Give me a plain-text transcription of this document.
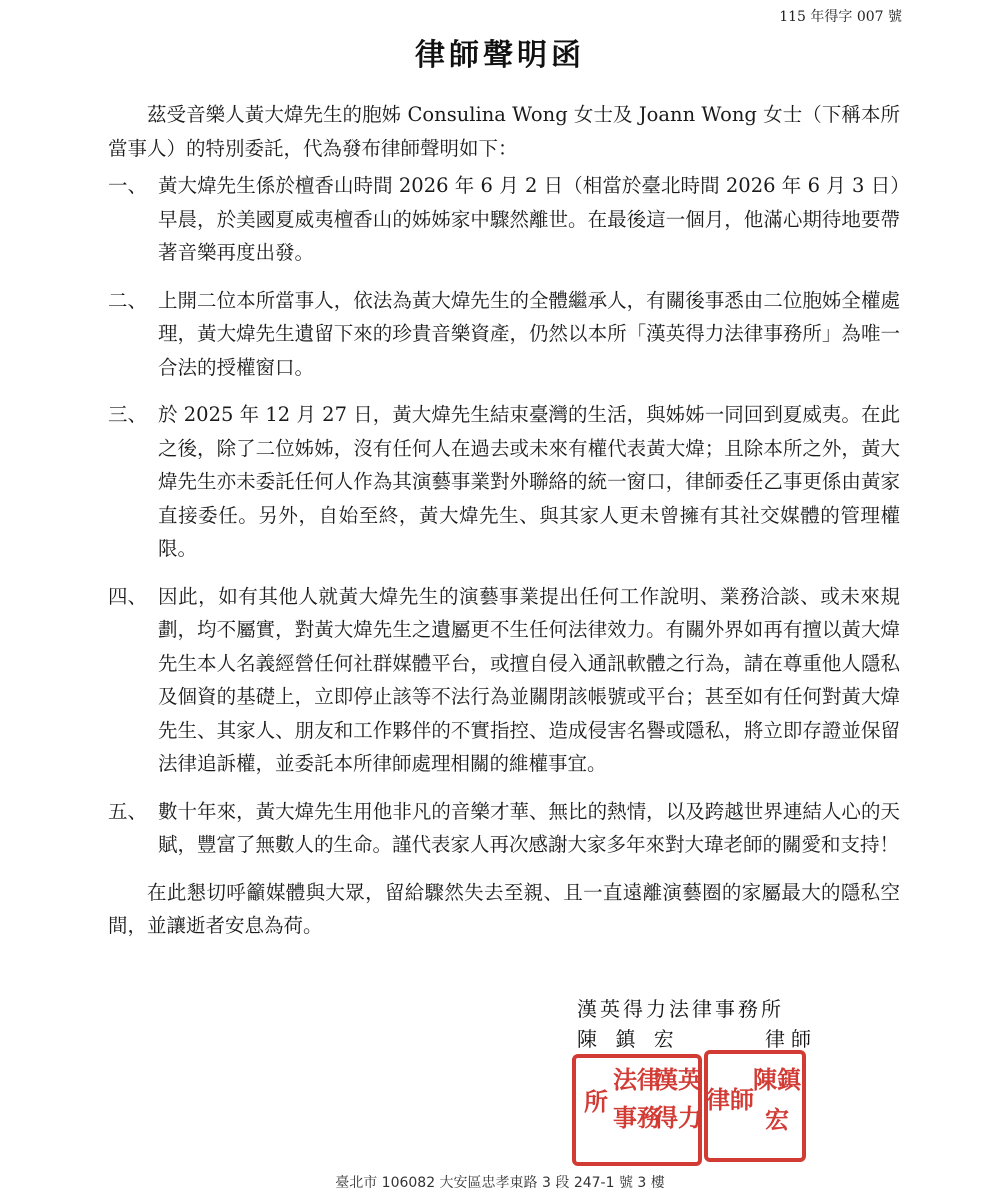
115 年得字 007 號
律師聲明函

茲受音樂人黃大煒先生的胞姊 Consulina Wong 女士及 Joann Wong 女士（下稱本所當事人）的特別委託，代為發布律師聲明如下：

一、 黃大煒先生係於檀香山時間 2026 年 6 月 2 日（相當於臺北時間 2026 年 6 月 3 日）早晨，於美國夏威夷檀香山的姊姊家中驟然離世。在最後這一個月，他滿心期待地要帶著音樂再度出發。
二、 上開二位本所當事人，依法為黃大煒先生的全體繼承人，有關後事悉由二位胞姊全權處理，黃大煒先生遺留下來的珍貴音樂資產，仍然以本所「漢英得力法律事務所」為唯一合法的授權窗口。
三、 於 2025 年 12 月 27 日，黃大煒先生結束臺灣的生活，與姊姊一同回到夏威夷。在此之後，除了二位姊姊，沒有任何人在過去或未來有權代表黃大煒；且除本所之外，黃大煒先生亦未委託任何人作為其演藝事業對外聯絡的統一窗口，律師委任乙事更係由黃家直接委任。另外，自始至終，黃大煒先生、與其家人更未曾擁有其社交媒體的管理權限。
四、 因此，如有其他人就黃大煒先生的演藝事業提出任何工作說明、業務洽談、或未來規劃，均不屬實，對黃大煒先生之遺屬更不生任何法律效力。有關外界如再有擅以黃大煒先生本人名義經營任何社群媒體平台，或擅自侵入通訊軟體之行為，請在尊重他人隱私及個資的基礎上，立即停止該等不法行為並關閉該帳號或平台；甚至如有任何對黃大煒先生、其家人、朋友和工作夥伴的不實指控、造成侵害名譽或隱私，將立即存證並保留法律追訴權，並委託本所律師處理相關的維權事宜。
五、 數十年來，黃大煒先生用他非凡的音樂才華、無比的熱情，以及跨越世界連結人心的天賦，豐富了無數人的生命。謹代表家人再次感謝大家多年來對大瑋老師的關愛和支持！

在此懇切呼籲媒體與大眾，留給驟然失去至親、且一直遠離演藝圈的家屬最大的隱私空間，並讓逝者安息為荷。

漢英得力法律事務所
陳 鎮 宏	律師
漢英
得力
法律
事務
所
陳鎮
宏
律師
臺北市 106082 大安區忠孝東路 3 段 247-1 號 3 樓
